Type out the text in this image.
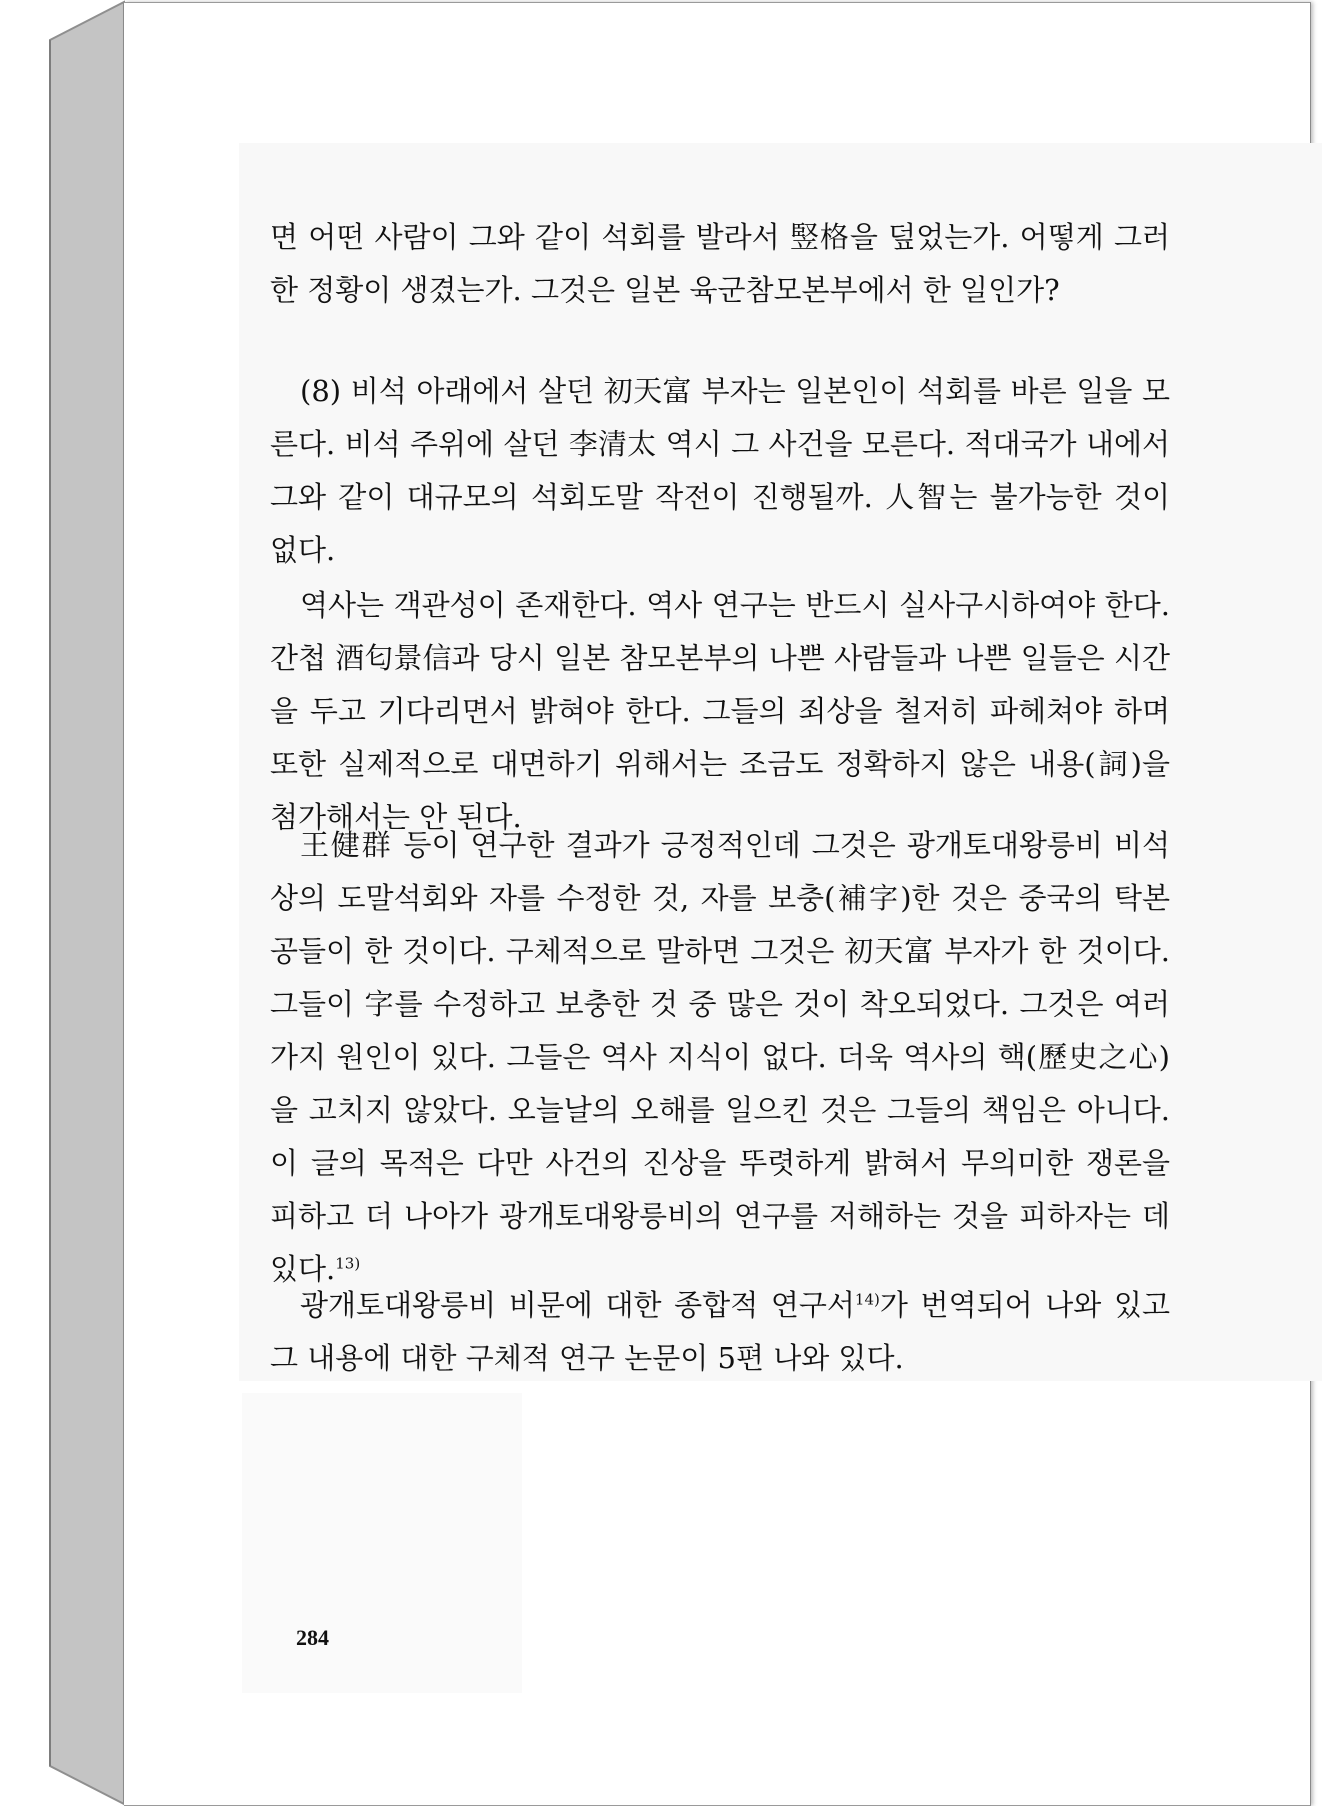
면 어떤 사람이 그와 같이 석회를 발라서 竪格을 덮었는가. 어떻게 그러한 정황이 생겼는가. 그것은 일본 육군참모본부에서 한 일인가?

(8) 비석 아래에서 살던 初天富 부자는 일본인이 석회를 바른 일을 모른다. 비석 주위에 살던 李清太 역시 그 사건을 모른다. 적대국가 내에서 그와 같이 대규모의 석회도말 작전이 진행될까. 人智는 불가능한 것이 없다.

역사는 객관성이 존재한다. 역사 연구는 반드시 실사구시하여야 한다. 간첩 酒匂景信과 당시 일본 참모본부의 나쁜 사람들과 나쁜 일들은 시간을 두고 기다리면서 밝혀야 한다. 그들의 죄상을 철저히 파헤쳐야 하며 또한 실제적으로 대면하기 위해서는 조금도 정확하지 않은 내용(詞)을 첨가해서는 안 된다.

王健群 등이 연구한 결과가 긍정적인데 그것은 광개토대왕릉비 비석상의 도말석회와 자를 수정한 것, 자를 보충(補字)한 것은 중국의 탁본공들이 한 것이다. 구체적으로 말하면 그것은 初天富 부자가 한 것이다. 그들이 字를 수정하고 보충한 것 중 많은 것이 착오되었다. 그것은 여러 가지 원인이 있다. 그들은 역사 지식이 없다. 더욱 역사의 핵(歷史之心)을 고치지 않았다. 오늘날의 오해를 일으킨 것은 그들의 책임은 아니다. 이 글의 목적은 다만 사건의 진상을 뚜렷하게 밝혀서 무의미한 쟁론을 피하고 더 나아가 광개토대왕릉비의 연구를 저해하는 것을 피하자는 데 있다.$^{13)}$

광개토대왕릉비 비문에 대한 종합적 연구서$^{14)}$가 번역되어 나와 있고 그 내용에 대한 구체적 연구 논문이 5편 나와 있다.

284
